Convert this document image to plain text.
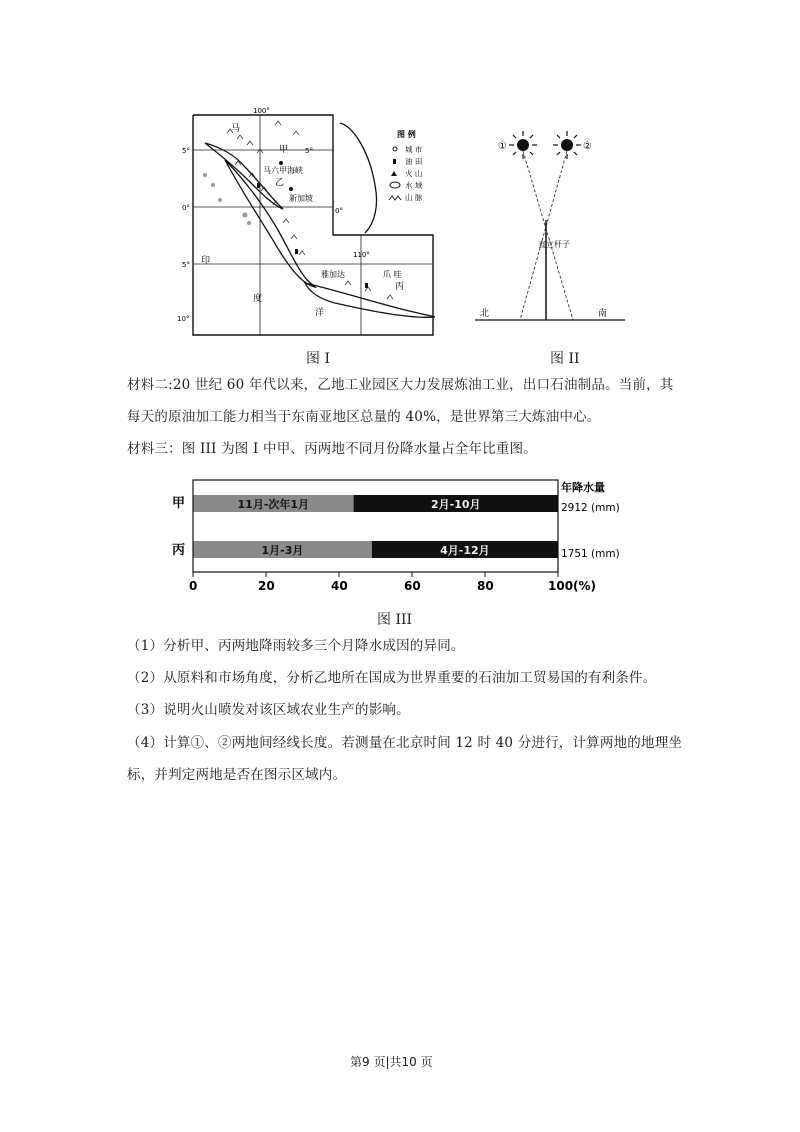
100°
110°
5°	5°
0°	0°
5°
10°
马
甲
马六甲海峡
乙
新加坡
印
雅加达	爪 哇
丙
度
洋
图 例
城 市
油 田
火 山
水 域
山 脉
图 I
①	②
直立杆子
北	南
图 II
材料二:20 世纪 60 年代以来，乙地工业园区大力发展炼油工业，出口石油制品。当前，其
每天的原油加工能力相当于东南亚地区总量的 40%，是世界第三大炼油中心。
材料三：图 III 为图 I 中甲、丙两地不同月份降水量占全年比重图。
11月-次年1月	2月-10月
1月-3月	4月-12月
0	20	40	60	80	100(%)
甲
丙
年降水量
2912 (mm)
1751 (mm)
图 III
（1）分析甲、丙两地降雨较多三个月降水成因的异同。
（2）从原料和市场角度，分析乙地所在国成为世界重要的石油加工贸易国的有利条件。
（3）说明火山喷发对该区域农业生产的影响。
（4）计算①、②两地间经线长度。若测量在北京时间 12 时 40 分进行，计算两地的地理坐
标，并判定两地是否在图示区域内。
第9 页|共10 页
